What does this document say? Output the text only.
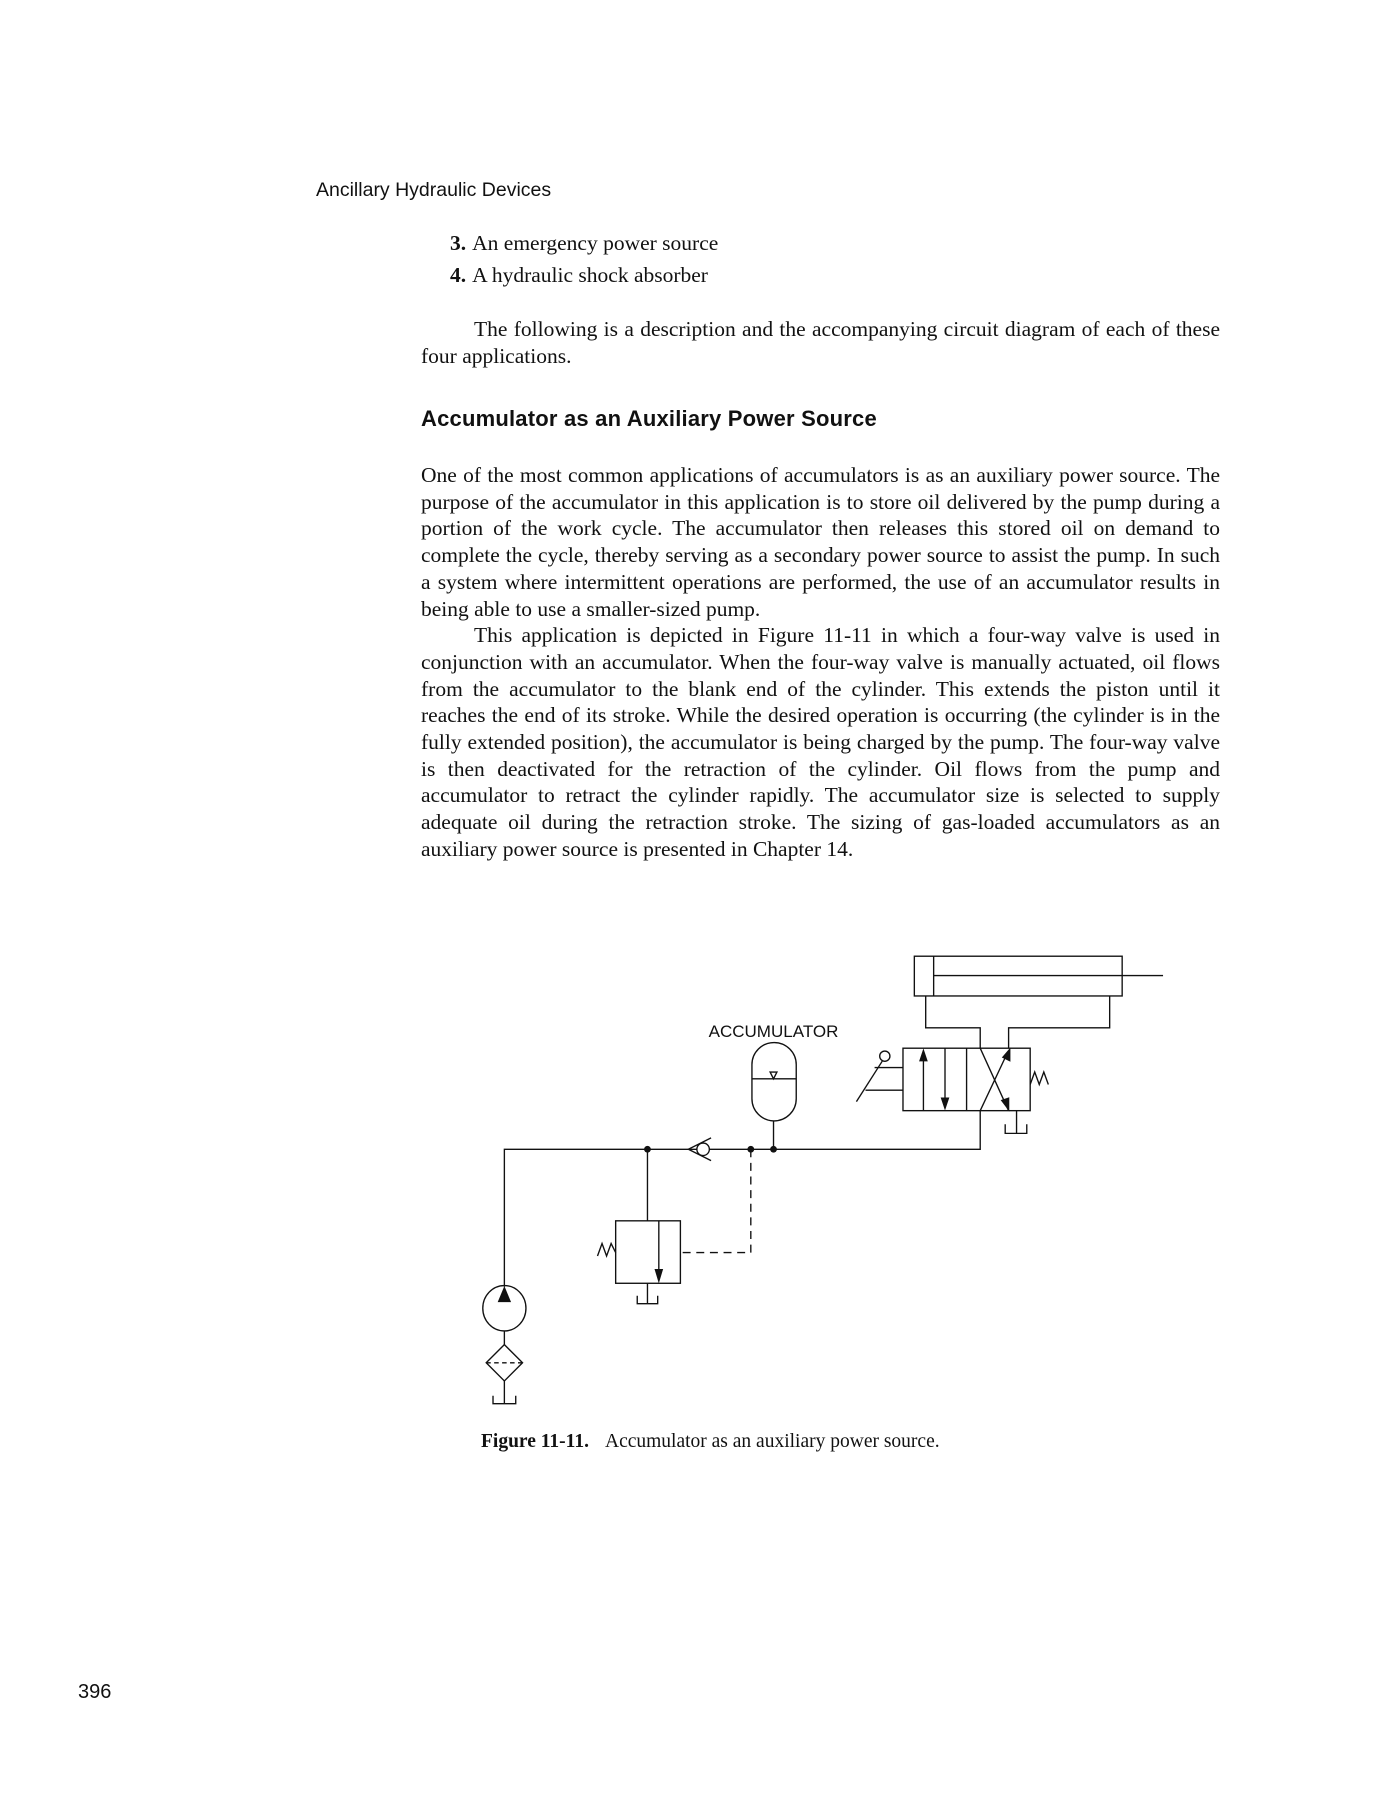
Ancillary Hydraulic Devices
3. An emergency power source
4. A hydraulic shock absorber

The following is a description and the accompanying circuit diagram of each of these four applications.

Accumulator as an Auxiliary Power Source

One of the most common applications of accumulators is as an auxiliary power source. The purpose of the accumulator in this application is to store oil delivered by the pump during a portion of the work cycle. The accumulator then releases this stored oil on demand to complete the cycle, thereby serving as a secondary power source to assist the pump. In such a system where intermittent operations are performed, the use of an accumulator results in being able to use a smaller-sized pump.

This application is depicted in Figure 11-11 in which a four-way valve is used in conjunction with an accumulator. When the four-way valve is manually actuated, oil flows from the accumulator to the blank end of the cylinder. This extends the piston until it reaches the end of its stroke. While the desired operation is occurring (the cylinder is in the fully extended position), the accumulator is being charged by the pump. The four-way valve is then deactivated for the retraction of the cylinder. Oil flows from the pump and accumulator to retract the cylinder rapidly. The accumulator size is selected to supply adequate oil during the retraction stroke. The sizing of gas-loaded accumulators as an auxiliary power source is presented in Chapter 14.

ACCUMULATOR
Figure 11-11. Accumulator as an auxiliary power source.
396
